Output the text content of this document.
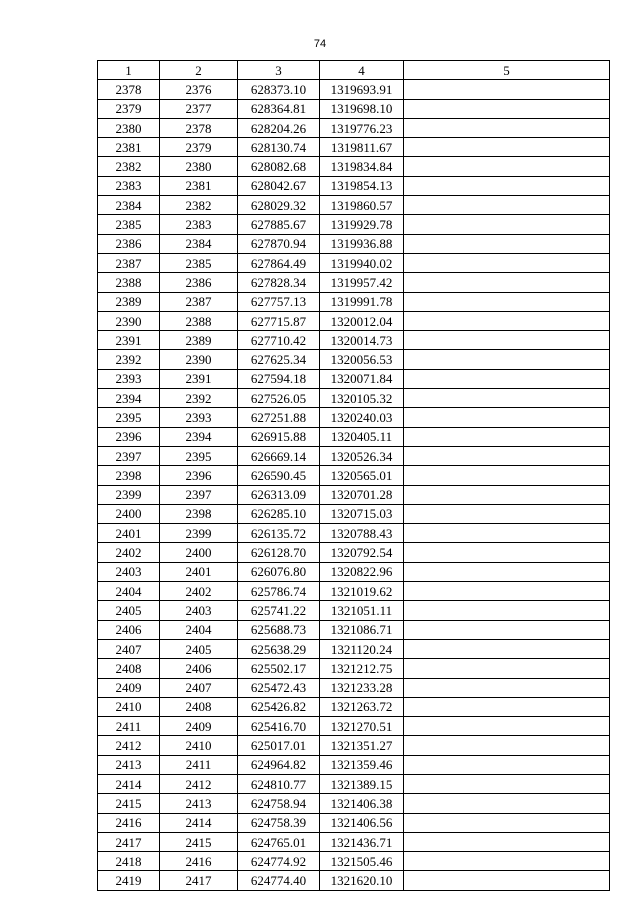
74
1	2	3	4	5
2378	2376	628373.10	1319693.91	
2379	2377	628364.81	1319698.10	
2380	2378	628204.26	1319776.23	
2381	2379	628130.74	1319811.67	
2382	2380	628082.68	1319834.84	
2383	2381	628042.67	1319854.13	
2384	2382	628029.32	1319860.57	
2385	2383	627885.67	1319929.78	
2386	2384	627870.94	1319936.88	
2387	2385	627864.49	1319940.02	
2388	2386	627828.34	1319957.42	
2389	2387	627757.13	1319991.78	
2390	2388	627715.87	1320012.04	
2391	2389	627710.42	1320014.73	
2392	2390	627625.34	1320056.53	
2393	2391	627594.18	1320071.84	
2394	2392	627526.05	1320105.32	
2395	2393	627251.88	1320240.03	
2396	2394	626915.88	1320405.11	
2397	2395	626669.14	1320526.34	
2398	2396	626590.45	1320565.01	
2399	2397	626313.09	1320701.28	
2400	2398	626285.10	1320715.03	
2401	2399	626135.72	1320788.43	
2402	2400	626128.70	1320792.54	
2403	2401	626076.80	1320822.96	
2404	2402	625786.74	1321019.62	
2405	2403	625741.22	1321051.11	
2406	2404	625688.73	1321086.71	
2407	2405	625638.29	1321120.24	
2408	2406	625502.17	1321212.75	
2409	2407	625472.43	1321233.28	
2410	2408	625426.82	1321263.72	
2411	2409	625416.70	1321270.51	
2412	2410	625017.01	1321351.27	
2413	2411	624964.82	1321359.46	
2414	2412	624810.77	1321389.15	
2415	2413	624758.94	1321406.38	
2416	2414	624758.39	1321406.56	
2417	2415	624765.01	1321436.71	
2418	2416	624774.92	1321505.46	
2419	2417	624774.40	1321620.10	
